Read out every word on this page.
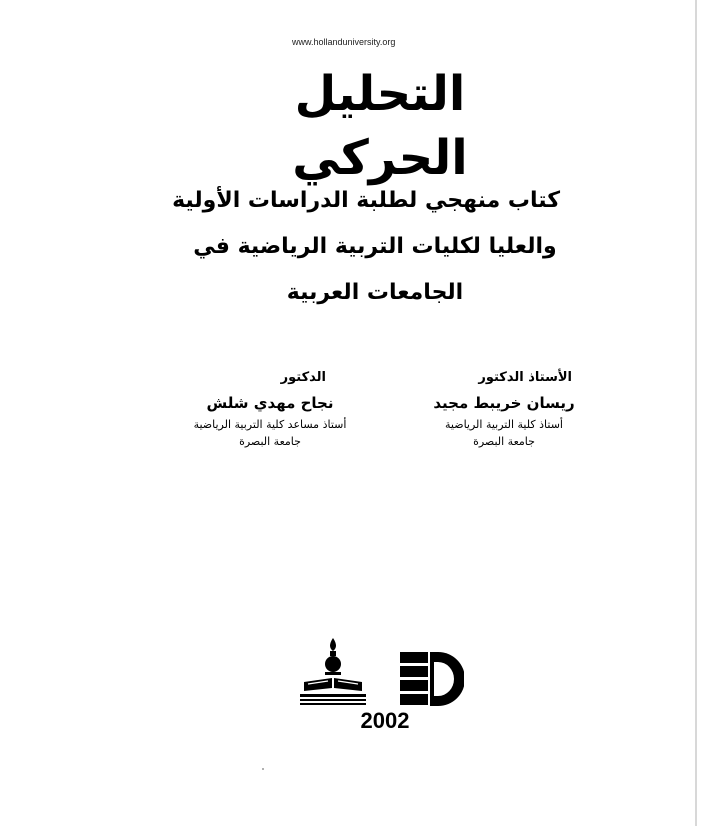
www.hollanduniversity.org
التحليل الحركي
كتاب منهجي لطلبة الدراسات الأولية
والعليا لكليات التربية الرياضية في
الجامعات العربية
الأستاذ الدكتور
ريسان خريبط مجيد
أستاذ كلية التربية الرياضية
جامعة البصرة
الدكتور
نجاح مهدي شلش
أستاذ مساعد كلية التربية الرياضية
جامعة البصرة
2002
